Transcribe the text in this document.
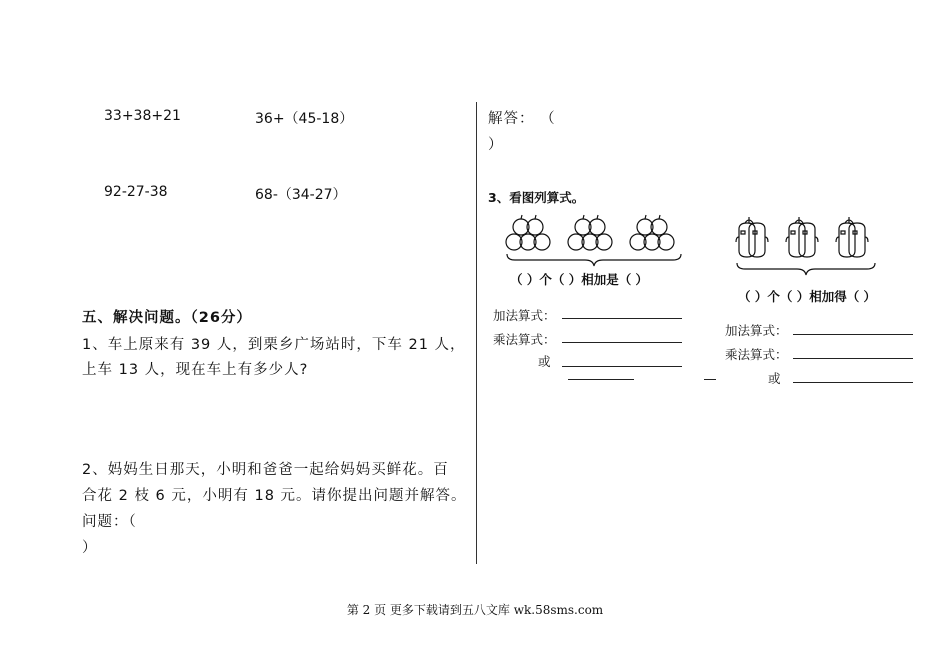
33+38+21	36+（45-18）
92-27-38	68-（34-27）
五、解决问题。（26分）
1、车上原来有 39 人，到栗乡广场站时，下车 21 人，
上车 13 人，现在车上有多少人?
2、妈妈生日那天，小明和爸爸一起给妈妈买鲜花。百
合花 2 枝 6 元，小明有 18 元。请你提出问题并解答。
问题：（
）
解答： （
）
3、看图列算式。
（ ）个（ ）相加是（ ）
（ ）个（ ）相加得（ ）
加法算式：
乘法算式：
或
加法算式：
乘法算式：
或
第 2 页 更多下载请到五八文库 wk.58sms.com
